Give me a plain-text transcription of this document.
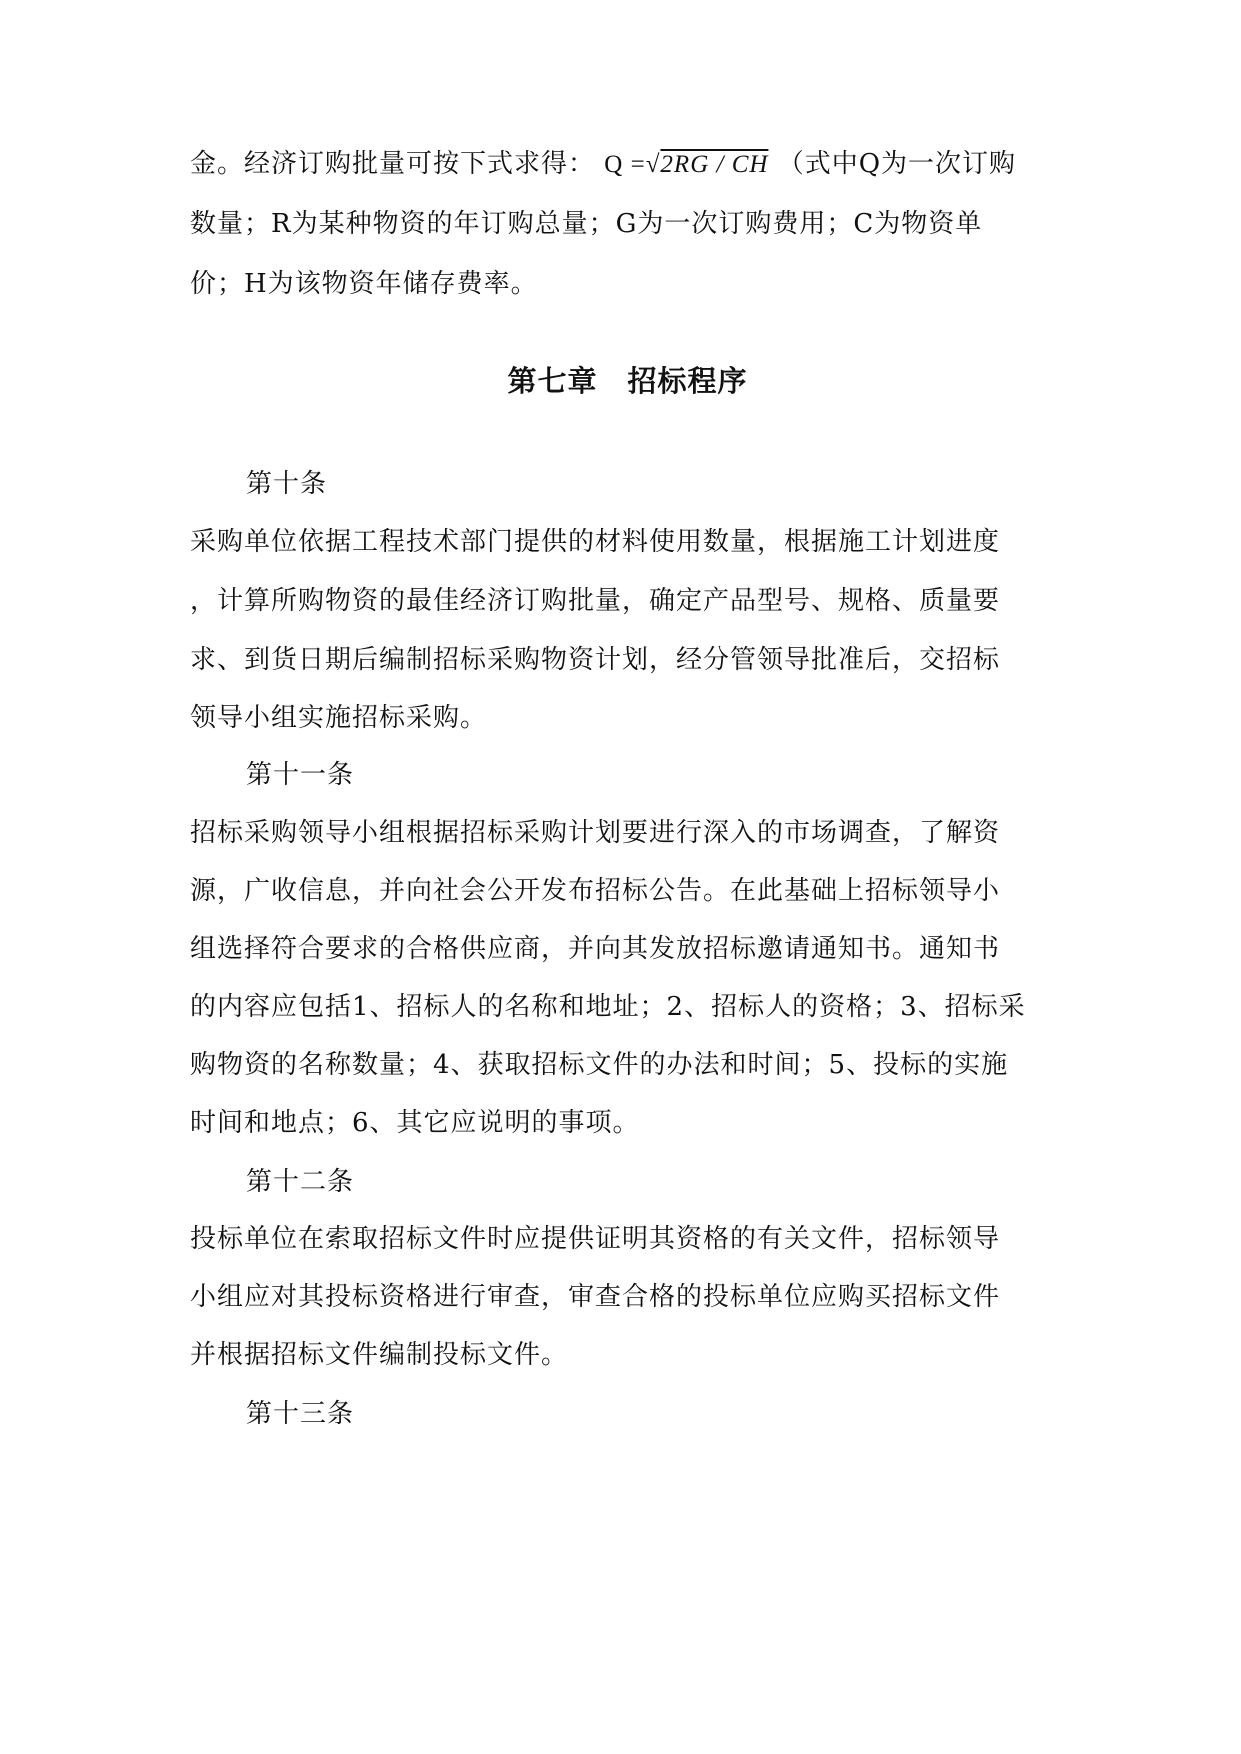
金。经济订购批量可按下式求得： Q =√2RG / CH （式中Q为一次订购
数量；R为某种物资的年订购总量；G为一次订购费用；C为物资单
价；H为该物资年储存费率。
第七章　招标程序
第十条
采购单位依据工程技术部门提供的材料使用数量，根据施工计划进度
，计算所购物资的最佳经济订购批量，确定产品型号、规格、质量要
求、到货日期后编制招标采购物资计划，经分管领导批准后，交招标
领导小组实施招标采购。
第十一条
招标采购领导小组根据招标采购计划要进行深入的市场调查，了解资
源，广收信息，并向社会公开发布招标公告。在此基础上招标领导小
组选择符合要求的合格供应商，并向其发放招标邀请通知书。通知书
的内容应包括1、招标人的名称和地址；2、招标人的资格；3、招标采
购物资的名称数量；4、获取招标文件的办法和时间；5、投标的实施
时间和地点；6、其它应说明的事项。
第十二条
投标单位在索取招标文件时应提供证明其资格的有关文件，招标领导
小组应对其投标资格进行审查，审查合格的投标单位应购买招标文件
并根据招标文件编制投标文件。
第十三条
